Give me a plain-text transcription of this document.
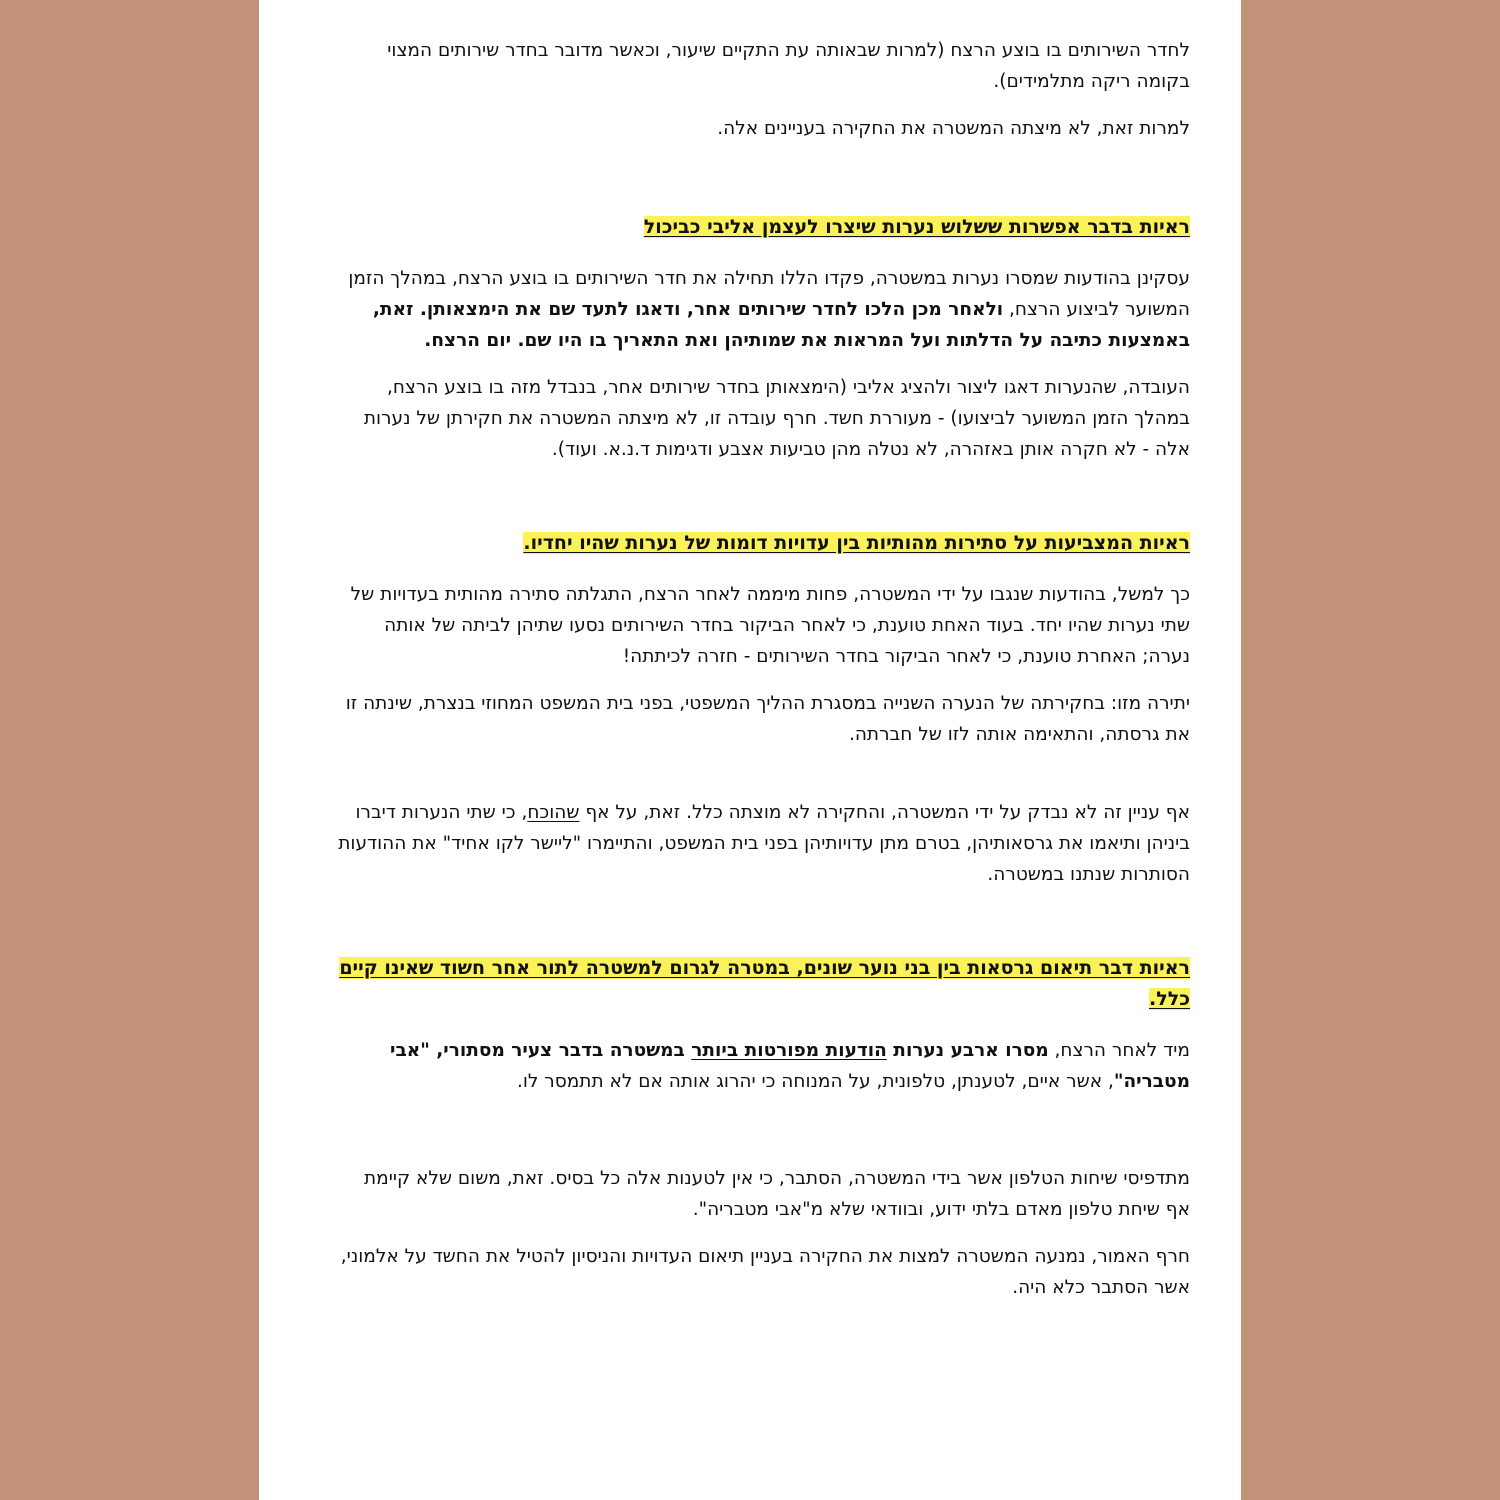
לחדר השירותים בו בוצע הרצח (למרות שבאותה עת התקיים שיעור, וכאשר מדובר בחדר שירותים המצוי בקומה ריקה מתלמידים).

למרות זאת, לא מיצתה המשטרה את החקירה בעניינים אלה.

ראיות בדבר אפשרות ששלוש נערות שיצרו לעצמן אליבי כביכול

עסקינן בהודעות שמסרו נערות במשטרה, פקדו הללו תחילה את חדר השירותים בו בוצע הרצח, במהלך הזמן המשוער לביצוע הרצח, ולאחר מכן הלכו לחדר שירותים אחר, ודאגו לתעד שם את הימצאותן. זאת, באמצעות כתיבה על הדלתות ועל המראות את שמותיהן ואת התאריך בו היו שם. יום הרצח.

העובדה, שהנערות דאגו ליצור ולהציג אליבי (הימצאותן בחדר שירותים אחר, בנבדל מזה בו בוצע הרצח, במהלך הזמן המשוער לביצועו) - מעוררת חשד. חרף עובדה זו, לא מיצתה המשטרה את חקירתן של נערות אלה - לא חקרה אותן באזהרה, לא נטלה מהן טביעות אצבע ודגימות ד.נ.א. ועוד).

ראיות המצביעות על סתירות מהותיות בין עדויות דומות של נערות שהיו יחדיו.

כך למשל, בהודעות שנגבו על ידי המשטרה, פחות מיממה לאחר הרצח, התגלתה סתירה מהותית בעדויות של שתי נערות שהיו יחד. בעוד האחת טוענת, כי לאחר הביקור בחדר השירותים נסעו שתיהן לביתה של אותה נערה; האחרת טוענת, כי לאחר הביקור בחדר השירותים - חזרה לכיתתה!

יתירה מזו: בחקירתה של הנערה השנייה במסגרת ההליך המשפטי, בפני בית המשפט המחוזי בנצרת, שינתה זו את גרסתה, והתאימה אותה לזו של חברתה.

אף עניין זה לא נבדק על ידי המשטרה, והחקירה לא מוצתה כלל. זאת, על אף שהוכח, כי שתי הנערות דיברו ביניהן ותיאמו את גרסאותיהן, בטרם מתן עדויותיהן בפני בית המשפט, והתיימרו "ליישר לקו אחיד" את ההודעות הסותרות שנתנו במשטרה.

ראיות דבר תיאום גרסאות בין בני נוער שונים, במטרה לגרום למשטרה לתור אחר חשוד שאינו קיים כלל.

מיד לאחר הרצח, מסרו ארבע נערות הודעות מפורטות ביותר במשטרה בדבר צעיר מסתורי, "אבי מטבריה", אשר איים, לטענתן, טלפונית, על המנוחה כי יהרוג אותה אם לא תתמסר לו.

מתדפיסי שיחות הטלפון אשר בידי המשטרה, הסתבר, כי אין לטענות אלה כל בסיס. זאת, משום שלא קיימת אף שיחת טלפון מאדם בלתי ידוע, ובוודאי שלא מ"אבי מטבריה".

חרף האמור, נמנעה המשטרה למצות את החקירה בעניין תיאום העדויות והניסיון להטיל את החשד על אלמוני, אשר הסתבר כלא היה.
